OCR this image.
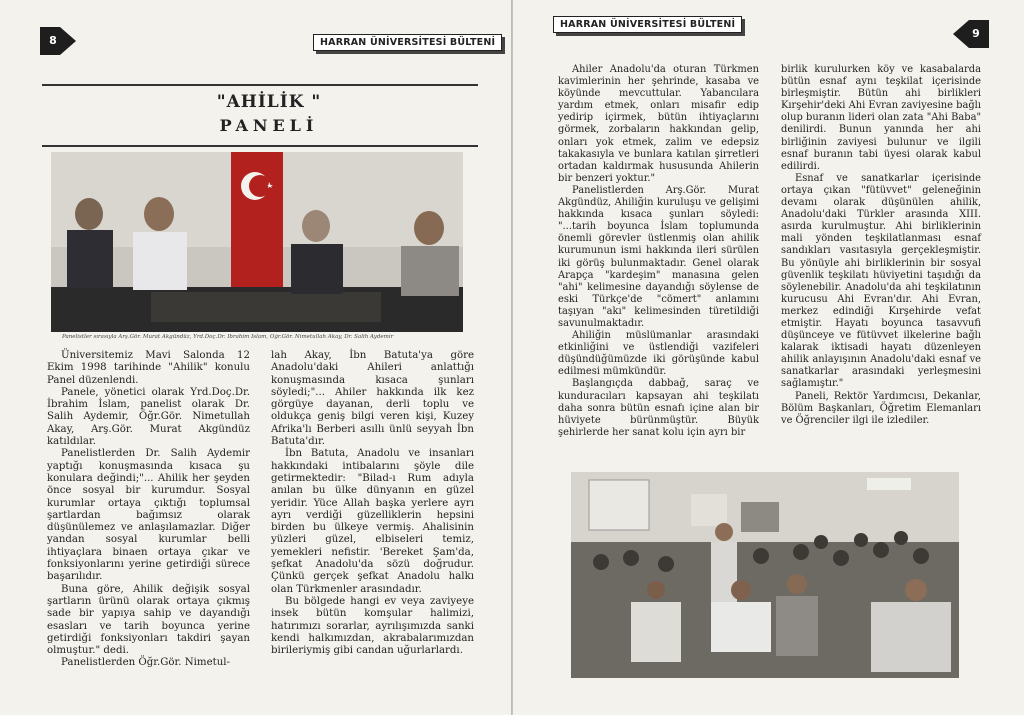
8	HARRAN ÜNİVERSİTESİ BÜLTENİ
"AHİLİK "
PANELİ
Panelistler sırasıyla Arş.Gör. Murat Akgündüz, Yrd.Doç.Dr. İbrahim İslam, Öğr.Gör. Nimetullah Akay, Dr. Salih Aydemir

Üniversitemiz Mavi Salonda 12 Ekim 1998 tarihinde "Ahilik" konulu Panel düzenlendi.

Panele, yönetici olarak Yrd.Doç.Dr. İbrahim İslam, panelist olarak Dr. Salih Aydemir, Öğr.Gör. Nimetullah Akay, Arş.Gör. Murat Akgündüz katıldılar.

Panelistlerden Dr. Salih Aydemir yaptığı konuşmasında kısaca şu konulara değindi;"... Ahilik her şeyden önce sosyal bir kurumdur. Sosyal kurumlar ortaya çıktığı toplumsal şartlardan bağımsız olarak düşünülemez ve anlaşılamazlar. Diğer yandan sosyal kurumlar belli ihtiyaçlara binaen ortaya çıkar ve fonksiyonlarını yerine getirdiği sürece başarılıdır.

Buna göre, Ahilik değişik sosyal şartların ürünü olarak ortaya çıkmış sade bir yapıya sahip ve dayandığı esasları ve tarih boyunca yerine getirdiği fonksiyonları takdiri şayan olmuştur." dedi.

Panelistlerden Öğr.Gör. Nimetul-

lah Akay, İbn Batuta'ya göre Anadolu'daki Ahileri anlattığı konuşmasında kısaca şunları söyledi;"... Ahiler hakkında ilk kez görgüye dayanan, derli toplu ve oldukça geniş bilgi veren kişi, Kuzey Afrika'lı Berberi asıllı ünlü seyyah İbn Batuta'dır.

İbn Batuta, Anadolu ve insanları hakkındaki intibalarını şöyle dile getirmektedir: "Bilad-ı Rum adıyla anılan bu ülke dünyanın en güzel yeridir. Yüce Allah başka yerlere ayrı ayrı verdiği güzelliklerin hepsini birden bu ülkeye vermiş. Ahalisinin yüzleri güzel, elbiseleri temiz, yemekleri nefistir. 'Bereket Şam'da, şefkat Anadolu'da sözü doğrudur. Çünkü gerçek şefkat Anadolu halkı olan Türkmenler arasındadır.

Bu bölgede hangi ev veya zaviyeye insek bütün komşular halimizi, hatırımızı sorarlar, ayrılışımızda sanki kendi halkımızdan, akrabalarımızdan birileriymiş gibi candan uğurlarlardı.

HARRAN ÜNİVERSİTESİ BÜLTENİ
9

Ahiler Anadolu'da oturan Türkmen kavimlerinin her şehrinde, kasaba ve köyünde mevcuttular. Yabancılara yardım etmek, onları misafir edip yedirip içirmek, bütün ihtiyaçlarını görmek, zorbaların hakkından gelip, onları yok etmek, zalim ve edepsiz takakasıyla ve bunlara katılan şirretleri ortadan kaldırmak hususunda Ahilerin bir benzeri yoktur."

Panelistlerden Arş.Gör. Murat Akgündüz, Ahiliğin kuruluşu ve gelişimi hakkında kısaca şunları söyledi: "...tarih boyunca İslam toplumunda önemli görevler üstlenmiş olan ahilik kurumunun ismi hakkında ileri sürülen iki görüş bulunmaktadır. Genel olarak Arapça "kardeşim" manasına gelen "ahi" kelimesine dayandığı söylense de eski Türkçe'de "cömert" anlamını taşıyan "akı" kelimesinden türetildiği savunulmaktadır.

Ahiliğin müslümanlar arasındaki etkinliğini ve üstlendiği vazifeleri düşündüğümüzde iki görüşünde kabul edilmesi mümkündür.

Başlangıçda dabbağ, saraç ve kunduracıları kapsayan ahi teşkilatı daha sonra bütün esnafı içine alan bir hüviyete bürünmüştür. Büyük şehirlerde her sanat kolu için ayrı bir

birlik kurulurken köy ve kasabalarda bütün esnaf aynı teşkilat içerisinde birleşmiştir. Bütün ahi birlikleri Kırşehir'deki Ahi Evran zaviyesine bağlı olup buranın lideri olan zata "Ahi Baba" denilirdi. Bunun yanında her ahi birliğinin zaviyesi bulunur ve ilgili esnaf buranın tabi üyesi olarak kabul edilirdi.

Esnaf ve sanatkarlar içerisinde ortaya çıkan "fütüvvet" geleneğinin devamı olarak düşünülen ahilik, Anadolu'daki Türkler arasında XIII. asırda kurulmuştur. Ahi birliklerinin mali yönden teşkilatlanması esnaf sandıkları vasıtasıyla gerçekleşmiştir. Bu yönüyle ahi birliklerinin bir sosyal güvenlik teşkilatı hüviyetini taşıdığı da söylenebilir. Anadolu'da ahi teşkilatının kurucusu Ahi Evran'dır. Ahi Evran, merkez edindiği Kırşehirde vefat etmiştir. Hayatı boyunca tasavvufi düşünceye ve fütüvvet ilkelerine bağlı kalarak iktisadi hayatı düzenleyen ahilik anlayışının Anadolu'daki esnaf ve sanatkarlar arasındaki yerleşmesini sağlamıştır."

Paneli, Rektör Yardımcısı, Dekanlar, Bölüm Başkanları, Öğretim Elemanları ve Öğrenciler ilgi ile izlediler.
